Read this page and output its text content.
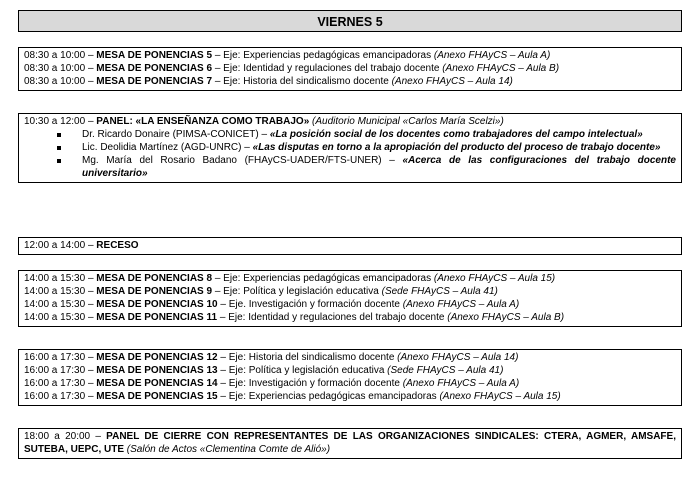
VIERNES 5
08:30 a 10:00 – MESA DE PONENCIAS 5 – Eje: Experiencias pedagógicas emancipadoras (Anexo FHAyCS – Aula A)
08:30 a 10:00 – MESA DE PONENCIAS 6 – Eje: Identidad y regulaciones del trabajo docente (Anexo FHAyCS – Aula B)
08:30 a 10:00 – MESA DE PONENCIAS 7 – Eje: Historia del sindicalismo docente (Anexo FHAyCS – Aula 14)
10:30 a 12:00 – PANEL: «LA ENSEÑANZA COMO TRABAJO» (Auditorio Municipal «Carlos María Scelzi»)
Dr. Ricardo Donaire (PIMSA-CONICET) – «La posición social de los docentes como trabajadores del campo intelectual»
Lic. Deolidia Martínez (AGD-UNRC) – «Las disputas en torno a la apropiación del producto del proceso de trabajo docente»
Mg. María del Rosario Badano (FHAyCS-UADER/FTS-UNER) – «Acerca de las configuraciones del trabajo docente universitario»
12:00 a 14:00 – RECESO
14:00 a 15:30 – MESA DE PONENCIAS 8 – Eje: Experiencias pedagógicas emancipadoras (Anexo FHAyCS – Aula 15)
14:00 a 15:30 – MESA DE PONENCIAS 9 – Eje: Política y legislación educativa (Sede FHAyCS – Aula 41)
14:00 a 15:30 – MESA DE PONENCIAS 10 – Eje. Investigación y formación docente (Anexo FHAyCS – Aula A)
14:00 a 15:30 – MESA DE PONENCIAS 11 – Eje: Identidad y regulaciones del trabajo docente (Anexo FHAyCS – Aula B)
16:00 a 17:30 – MESA DE PONENCIAS 12 – Eje: Historia del sindicalismo docente (Anexo FHAyCS – Aula 14)
16:00 a 17:30 – MESA DE PONENCIAS 13 – Eje: Política y legislación educativa (Sede FHAyCS – Aula 41)
16:00 a 17:30 – MESA DE PONENCIAS 14 – Eje: Investigación y formación docente (Anexo FHAyCS – Aula A)
16:00 a 17:30 – MESA DE PONENCIAS 15 – Eje: Experiencias pedagógicas emancipadoras (Anexo FHAyCS – Aula 15)
18:00 a 20:00 – PANEL DE CIERRE CON REPRESENTANTES DE LAS ORGANIZACIONES SINDICALES: CTERA, AGMER, AMSAFE, SUTEBA, UEPC, UTE (Salón de Actos «Clementina Comte de Alió»)
